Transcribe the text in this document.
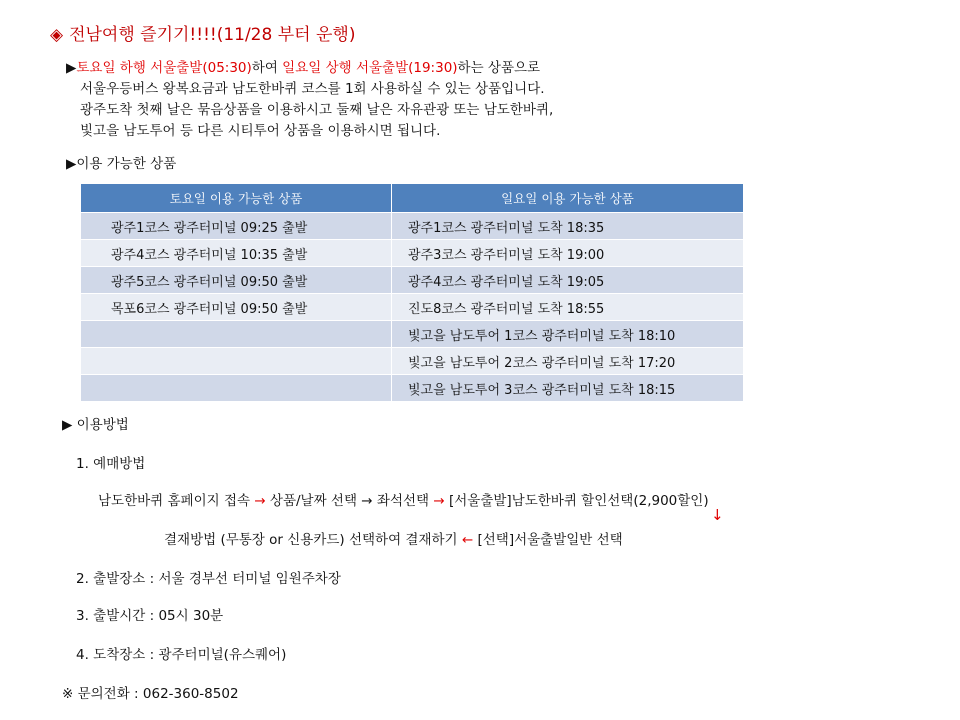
◈ 전남여행 즐기기!!!!(11/28 부터 운행)
▶토요일 하행 서울출발(05:30)하여 일요일 상행 서울출발(19:30)하는 상품으로
서울우등버스 왕복요금과 남도한바퀴 코스를 1회 사용하실 수 있는 상품입니다.
광주도착 첫째 날은 묶음상품을 이용하시고 둘째 날은 자유관광 또는 남도한바퀴,
빛고을 남도투어 등 다른 시티투어 상품을 이용하시면 됩니다.
▶이용 가능한 상품
토요일 이용 가능한 상품	일요일 이용 가능한 상품
광주1코스 광주터미널 09:25 출발	광주1코스 광주터미널 도착 18:35
광주4코스 광주터미널 10:35 출발	광주3코스 광주터미널 도착 19:00
광주5코스 광주터미널 09:50 출발	광주4코스 광주터미널 도착 19:05
목포6코스 광주터미널 09:50 출발	진도8코스 광주터미널 도착 18:55
	빛고을 남도투어 1코스 광주터미널 도착 18:10
	빛고을 남도투어 2코스 광주터미널 도착 17:20
	빛고을 남도투어 3코스 광주터미널 도착 18:15
▶ 이용방법
1. 예매방법
남도한바퀴 홈페이지 접속 → 상품/날짜 선택 → 좌석선택 → [서울출발]남도한바퀴 할인선택(2,900할인)
↓
결재방법 (무통장 or 신용카드) 선택하여 결재하기 ← [선택]서울출발일반 선택
2. 출발장소 : 서울 경부선 터미널 임원주차장
3. 출발시간 : 05시 30분
4. 도착장소 : 광주터미널(유스퀘어)
※ 문의전화 : 062-360-8502
